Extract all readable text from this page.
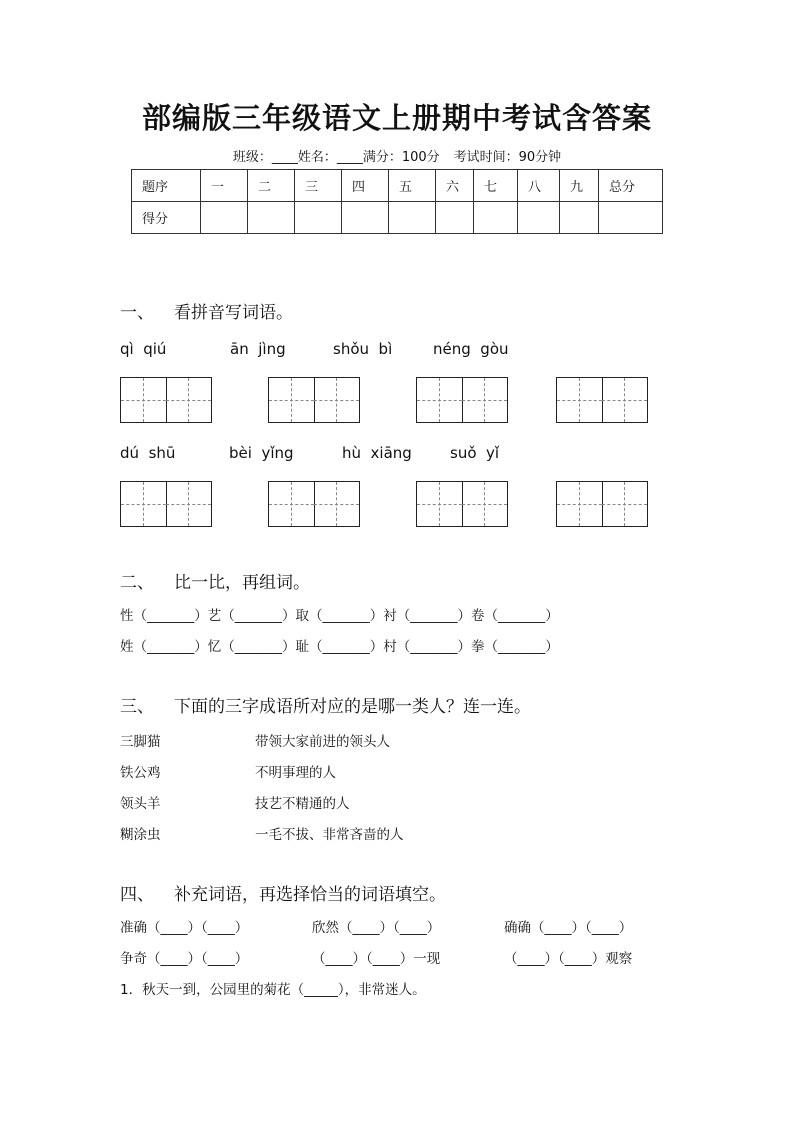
部编版三年级语文上册期中考试含答案
班级：____姓名：____满分：100分 考试时间：90分钟
题序	一	二	三	四	五	六	七	八	九	总分
得分										
一、 看拼音写词语。
qì  qiú	ān  jìng	shǒu  bì	néng  gòu
dú  shū	bèi  yǐng	hù  xiāng	suǒ  yǐ
二、 比一比，再组词。
性（_______）艺（_______）取（_______）衬（_______）卷（_______）
姓（_______）忆（_______）耻（_______）村（_______）拳（_______）
三、 下面的三字成语所对应的是哪一类人？连一连。
三脚猫	带领大家前进的领头人
铁公鸡	不明事理的人
领头羊	技艺不精通的人
糊涂虫	一毛不拔、非常吝啬的人
四、 补充词语，再选择恰当的词语填空。
准确（____）（____）	欣然（____）（____）	确确（____）（____）
争奇（____）（____）	（____）（____）一现	（____）（____）观察
1．秋天一到，公园里的菊花（_____），非常迷人。
